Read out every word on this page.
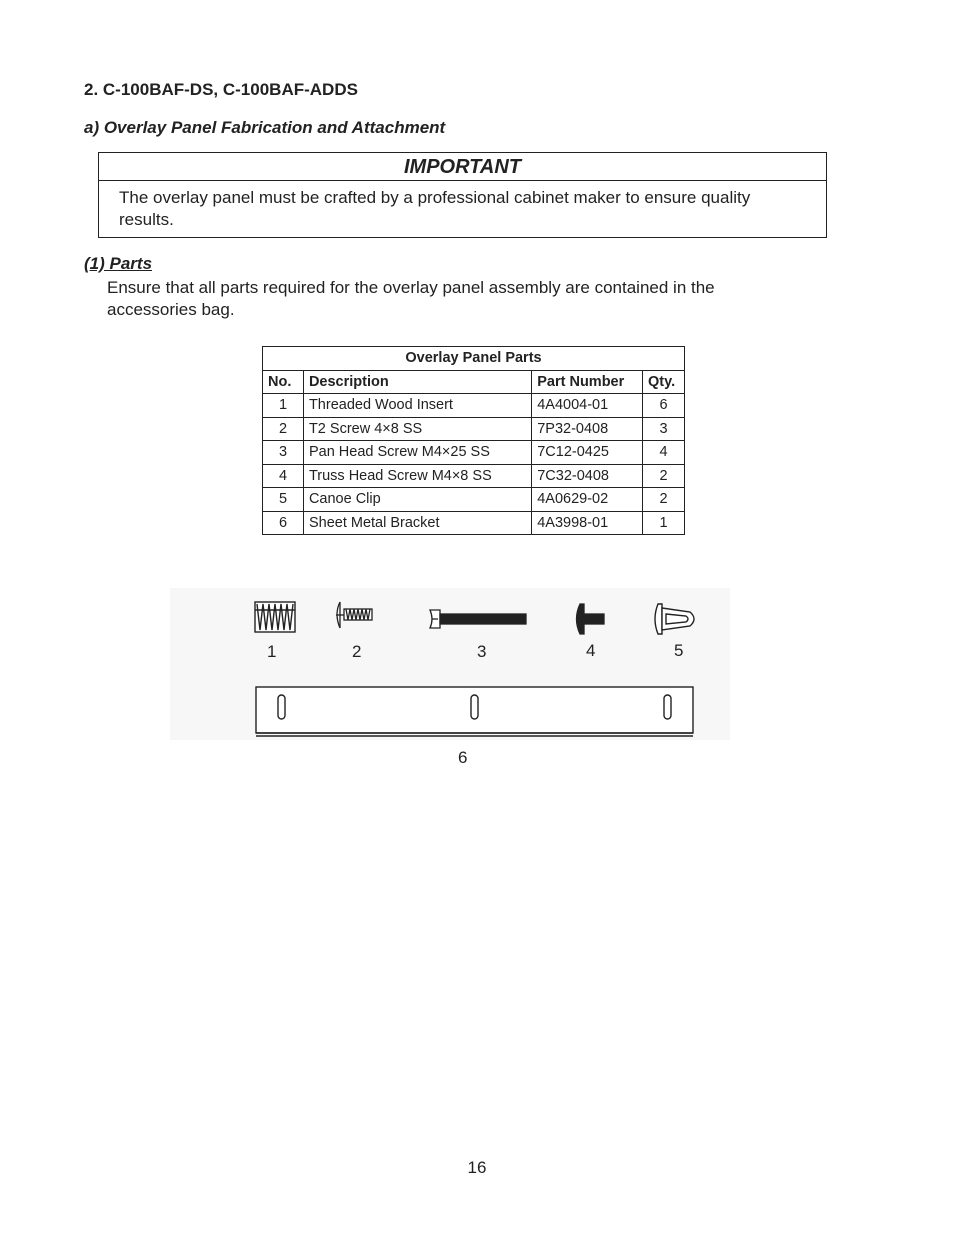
2. C-100BAF-DS, C-100BAF-ADDS
a) Overlay Panel Fabrication and Attachment
IMPORTANT
The overlay panel must be crafted by a professional cabinet maker to ensure quality results.
(1) Parts
Ensure that all parts required for the overlay panel assembly are contained in the accessories bag.
Overlay Panel Parts			
No.	Description	Part Number	Qty.
1	Threaded Wood Insert	4A4004-01	6
2	T2 Screw 4×8 SS	7P32-0408	3
3	Pan Head Screw M4×25 SS	7C12-0425	4
4	Truss Head Screw M4×8 SS	7C32-0408	2
5	Canoe Clip	4A0629-02	2
6	Sheet Metal Bracket	4A3998-01	1
1	2	3	4	5
6
16
